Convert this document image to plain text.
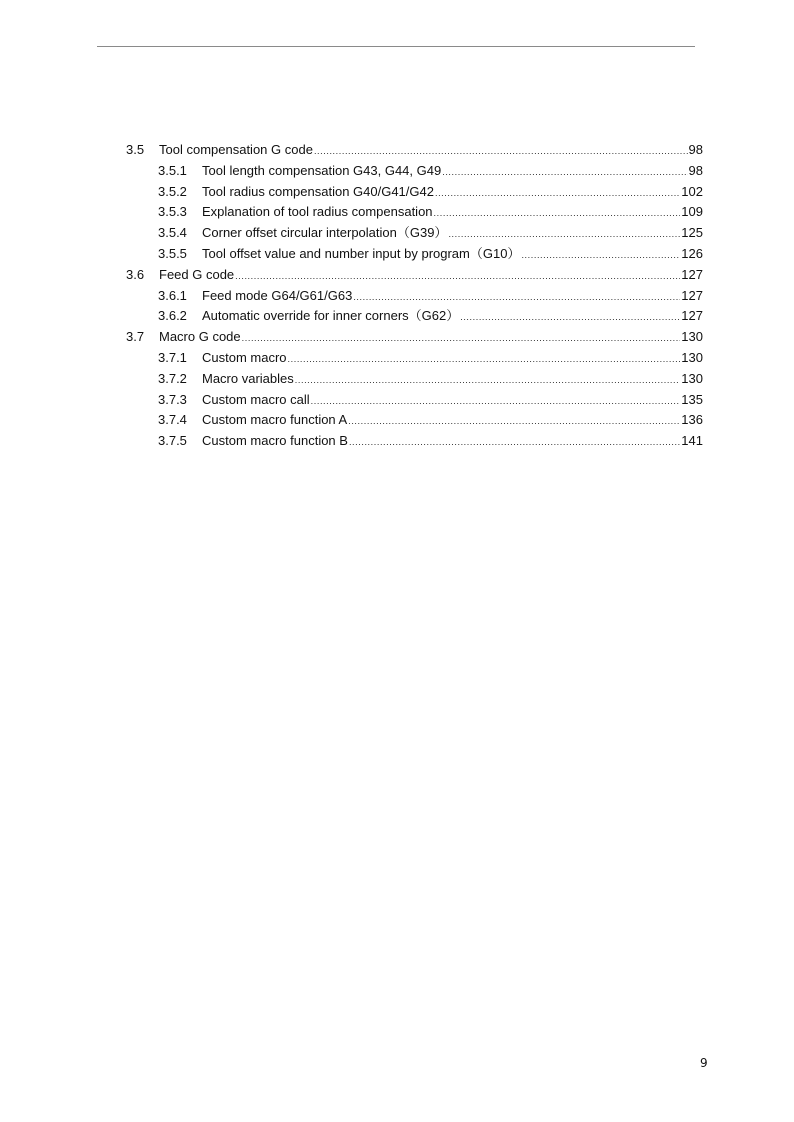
3.5	Tool compensation G code .....	98
3.5.1	Tool length compensation G43, G44, G49 .....	98
3.5.2	Tool radius compensation G40/G41/G42 .....	102
3.5.3	Explanation of tool radius compensation .....	109
3.5.4	Corner offset circular interpolation（G39） .....	125
3.5.5	Tool offset value and number input by program（G10） .....	126
3.6	Feed G code .....	127
3.6.1	Feed mode G64/G61/G63 .....	127
3.6.2	Automatic override for inner corners（G62） .....	127
3.7	Macro G code .....	130
3.7.1	Custom macro .....	130
3.7.2	Macro variables .....	130
3.7.3	Custom macro call .....	135
3.7.4	Custom macro function A .....	136
3.7.5	Custom macro function B .....	141
9
